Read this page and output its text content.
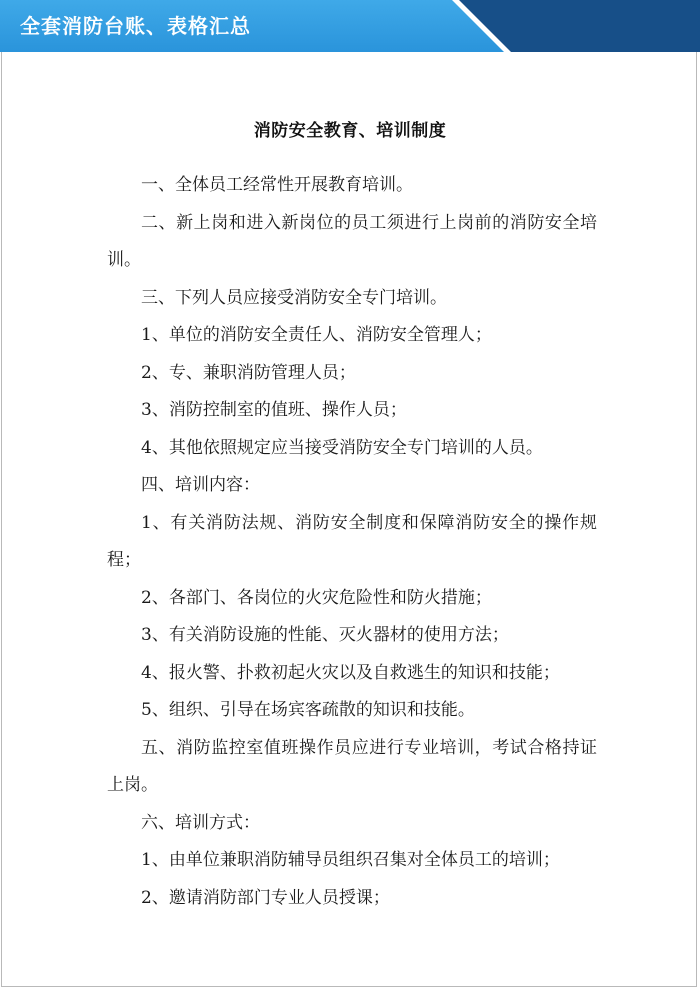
全套消防台账、表格汇总
消防安全教育、培训制度

一、全体员工经常性开展教育培训。

二、新上岗和进入新岗位的员工须进行上岗前的消防安全培训。

三、下列人员应接受消防安全专门培训。

1、单位的消防安全责任人、消防安全管理人；

2、专、兼职消防管理人员；

3、消防控制室的值班、操作人员；

4、其他依照规定应当接受消防安全专门培训的人员。

四、培训内容：

1、有关消防法规、消防安全制度和保障消防安全的操作规程；

2、各部门、各岗位的火灾危险性和防火措施；

3、有关消防设施的性能、灭火器材的使用方法；

4、报火警、扑救初起火灾以及自救逃生的知识和技能；

5、组织、引导在场宾客疏散的知识和技能。

五、消防监控室值班操作员应进行专业培训，考试合格持证上岗。

六、培训方式：

1、由单位兼职消防辅导员组织召集对全体员工的培训；

2、邀请消防部门专业人员授课；
